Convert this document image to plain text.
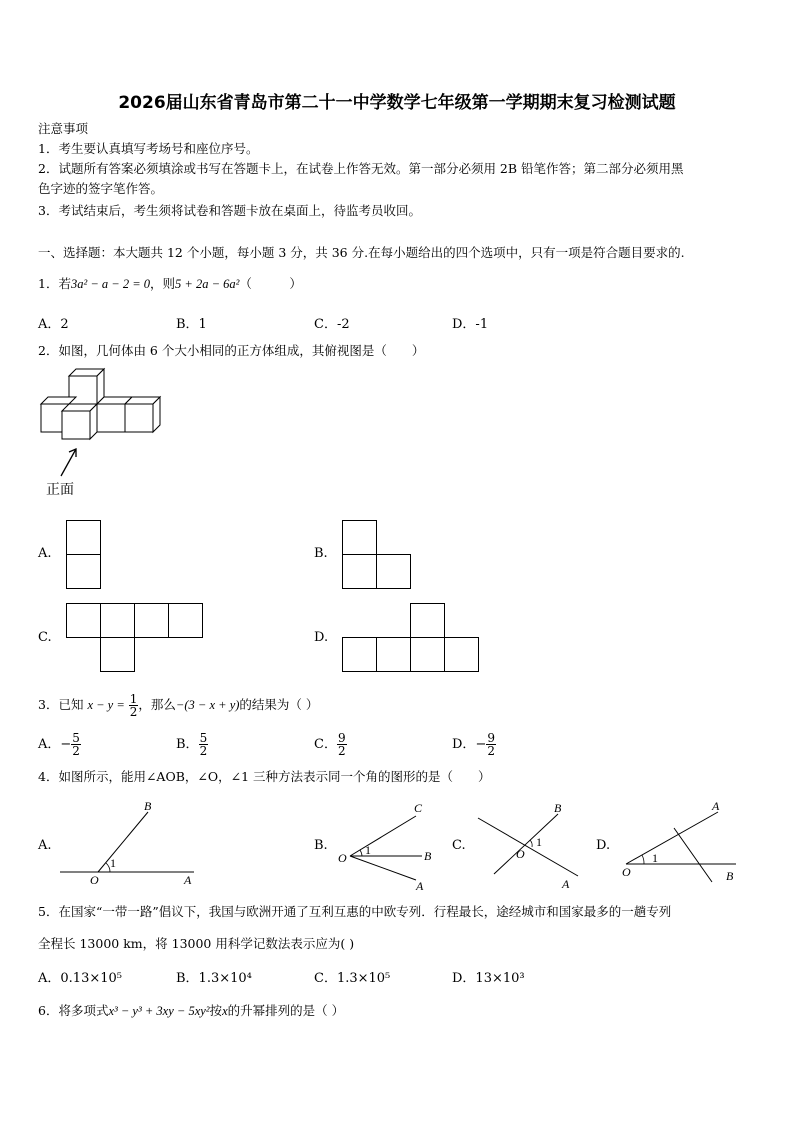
2026届山东省青岛市第二十一中学数学七年级第一学期期末复习检测试题
注意事项
1．考生要认真填写考场号和座位序号。
2．试题所有答案必须填涂或书写在答题卡上，在试卷上作答无效。第一部分必须用 2B 铅笔作答；第二部分必须用黑
色字迹的签字笔作答。
3．考试结束后，考生须将试卷和答题卡放在桌面上，待监考员收回。
一、选择题：本大题共 12 个小题，每小题 3 分，共 36 分.在每小题给出的四个选项中，只有一项是符合题目要求的.
1．若3a² − a − 2 = 0，则5 + 2a − 6a²（　　　）
A．2	B．1	C．-2	D．-1
2．如图，几何体由 6 个大小相同的正方体组成，其俯视图是（　　）
正面
A.	B.
C.	D.
3．已知 $x - y = \frac{1}{2}$ ，那么−(3 − x + y)的结果为（ ）
A．− $\frac{5}{2}$	B． $\frac{5}{2}$	C． $\frac{9}{2}$	D．− $\frac{9}{2}$
4．如图所示，能用∠AOB，∠O，∠1 三种方法表示同一个角的图形的是（　　）
A.
B
O	A
1
B.
C
O	B
A
1	C.
B
O
A
1	D.
A
O	B
1
5．在国家“一带一路”倡议下，我国与欧洲开通了互利互惠的中欧专列．行程最长，途经城市和国家最多的一趟专列
全程长 13000 km，将 13000 用科学记数法表示应为( )
A．0.13×10⁵	B．1.3×10⁴	C．1.3×10⁵	D．13×10³
6．将多项式x³ − y³ + 3xy − 5xy²按x的升幂排列的是（ ）
